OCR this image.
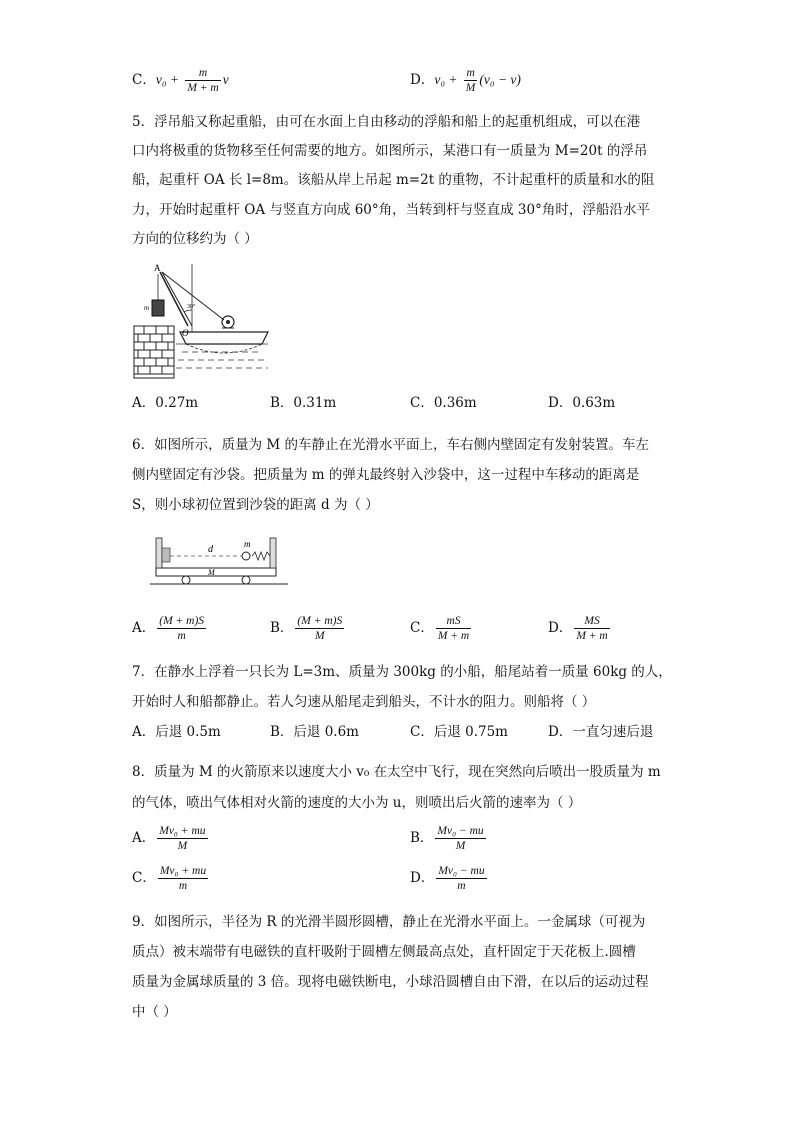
C．$v_0 + \frac{m}{M + m}$ v	D．$v_0 + \frac{m}{M} (v_0 - v)$
5．浮吊船又称起重船，由可在水面上自由移动的浮船和船上的起重机组成，可以在港
口内将极重的货物移至任何需要的地方。如图所示，某港口有一质量为 M=20t 的浮吊
船，起重杆 OA 长 l=8m。该船从岸上吊起 m=2t 的重物，不计起重杆的质量和水的阻
力，开始时起重杆 OA 与竖直方向成 60°角，当转到杆与竖直成 30°角时，浮船沿水平
方向的位移约为（ ）
A
O
m	30°
A．0.27m	B．0.31m	C．0.36m	D．0.63m
6．如图所示，质量为 M 的车静止在光滑水平面上，车右侧内壁固定有发射装置。车左
侧内壁固定有沙袋。把质量为 m 的弹丸最终射入沙袋中，这一过程中车移动的距离是
S，则小球初位置到沙袋的距离 d 为（ ）
d	m
M
A． $\frac{(M + m)S}{m}$	B． $\frac{(M + m)S}{M}$	C． $\frac{mS}{M + m}$	D． $\frac{MS}{M + m}$
7．在静水上浮着一只长为 L=3m、质量为 300kg 的小船，船尾站着一质量 60kg 的人，
开始时人和船都静止。若人匀速从船尾走到船头，不计水的阻力。则船将（ ）
A．后退 0.5m	B．后退 0.6m	C．后退 0.75m	D．一直匀速后退
8．质量为 M 的火箭原来以速度大小 v₀ 在太空中飞行，现在突然向后喷出一股质量为 m
的气体，喷出气体相对火箭的速度的大小为 u，则喷出后火箭的速率为（ ）
A． $\frac{\text{Mv₀ + mu}}{M}$	B． $\frac{\text{Mv₀ − mu}}{M}$
C． $\frac{\text{Mv₀ + mu}}{m}$	D． $\frac{\text{Mv₀ − mu}}{m}$
9．如图所示，半径为 R 的光滑半圆形圆槽，静止在光滑水平面上。一金属球（可视为
质点）被末端带有电磁铁的直杆吸附于圆槽左侧最高点处，直杆固定于天花板上.圆槽
质量为金属球质量的 3 倍。现将电磁铁断电，小球沿圆槽自由下滑，在以后的运动过程
中（ ）
